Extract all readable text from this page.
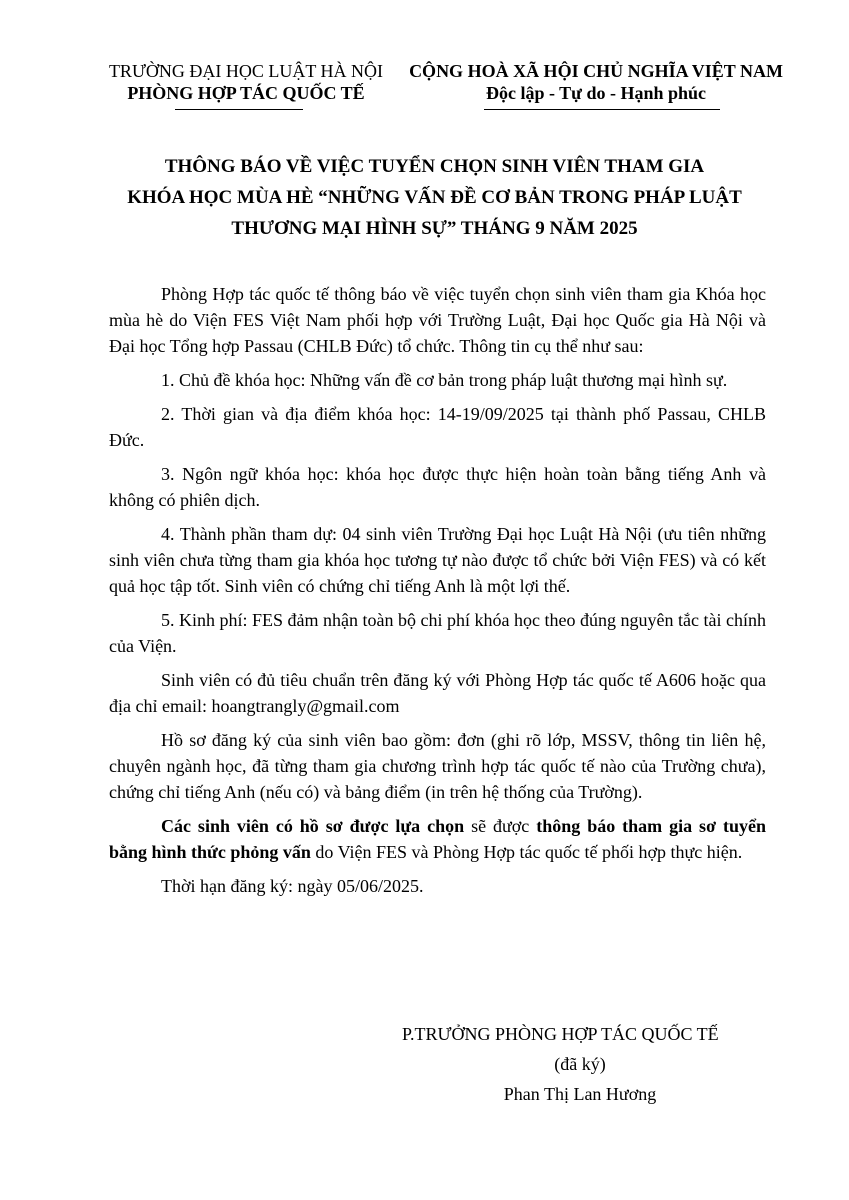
TRƯỜNG ĐẠI HỌC LUẬT HÀ NỘI
PHÒNG HỢP TÁC QUỐC TẾ
CỘNG HOÀ XÃ HỘI CHỦ NGHĨA VIỆT NAM
Độc lập - Tự do - Hạnh phúc
THÔNG BÁO VỀ VIỆC TUYỂN CHỌN SINH VIÊN THAM GIA
KHÓA HỌC MÙA HÈ “NHỮNG VẤN ĐỀ CƠ BẢN TRONG PHÁP LUẬT
THƯƠNG MẠI HÌNH SỰ” THÁNG 9 NĂM 2025

Phòng Hợp tác quốc tế thông báo về việc tuyển chọn sinh viên tham gia Khóa học mùa hè do Viện FES Việt Nam phối hợp với Trường Luật, Đại học Quốc gia Hà Nội và Đại học Tổng hợp Passau (CHLB Đức) tổ chức. Thông tin cụ thể như sau:

1. Chủ đề khóa học: Những vấn đề cơ bản trong pháp luật thương mại hình sự.

2. Thời gian và địa điểm khóa học: 14-19/09/2025 tại thành phố Passau, CHLB Đức.

3. Ngôn ngữ khóa học: khóa học được thực hiện hoàn toàn bằng tiếng Anh và không có phiên dịch.

4. Thành phần tham dự: 04 sinh viên Trường Đại học Luật Hà Nội (ưu tiên những sinh viên chưa từng tham gia khóa học tương tự nào được tổ chức bởi Viện FES) và có kết quả học tập tốt. Sinh viên có chứng chỉ tiếng Anh là một lợi thế.

5. Kinh phí: FES đảm nhận toàn bộ chi phí khóa học theo đúng nguyên tắc tài chính của Viện.

Sinh viên có đủ tiêu chuẩn trên đăng ký với Phòng Hợp tác quốc tế A606 hoặc qua địa chỉ email: hoangtrangly@gmail.com

Hồ sơ đăng ký của sinh viên bao gồm: đơn (ghi rõ lớp, MSSV, thông tin liên hệ, chuyên ngành học, đã từng tham gia chương trình hợp tác quốc tế nào của Trường chưa), chứng chỉ tiếng Anh (nếu có) và bảng điểm (in trên hệ thống của Trường).

Các sinh viên có hồ sơ được lựa chọn sẽ được thông báo tham gia sơ tuyển bằng hình thức phỏng vấn do Viện FES và Phòng Hợp tác quốc tế phối hợp thực hiện.

Thời hạn đăng ký: ngày 05/06/2025.

P.TRƯỞNG PHÒNG HỢP TÁC QUỐC TẾ
(đã ký)
Phan Thị Lan Hương
